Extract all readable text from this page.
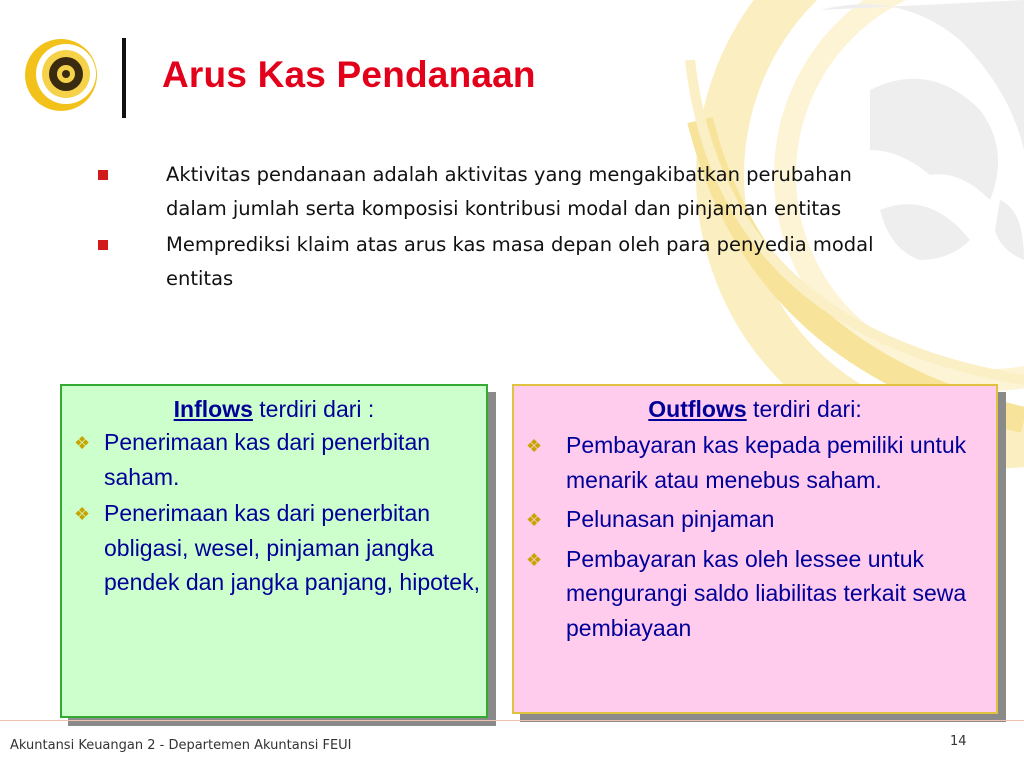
Arus Kas Pendanaan
Aktivitas pendanaan adalah aktivitas yang mengakibatkan perubahan dalam jumlah serta komposisi kontribusi modal dan pinjaman entitas
Memprediksi klaim atas arus kas masa depan oleh para penyedia modal entitas
Inflows terdiri dari :
❖ Penerimaan kas dari penerbitan saham.
❖ Penerimaan kas dari penerbitan obligasi, wesel, pinjaman jangka pendek dan jangka panjang, hipotek,
Outflows terdiri dari:
❖ Pembayaran kas kepada pemiliki untuk menarik atau menebus saham.
❖ Pelunasan pinjaman
❖ Pembayaran kas oleh lessee untuk mengurangi saldo liabilitas terkait sewa pembiayaan
Akuntansi Keuangan 2 - Departemen Akuntansi FEUI	14
